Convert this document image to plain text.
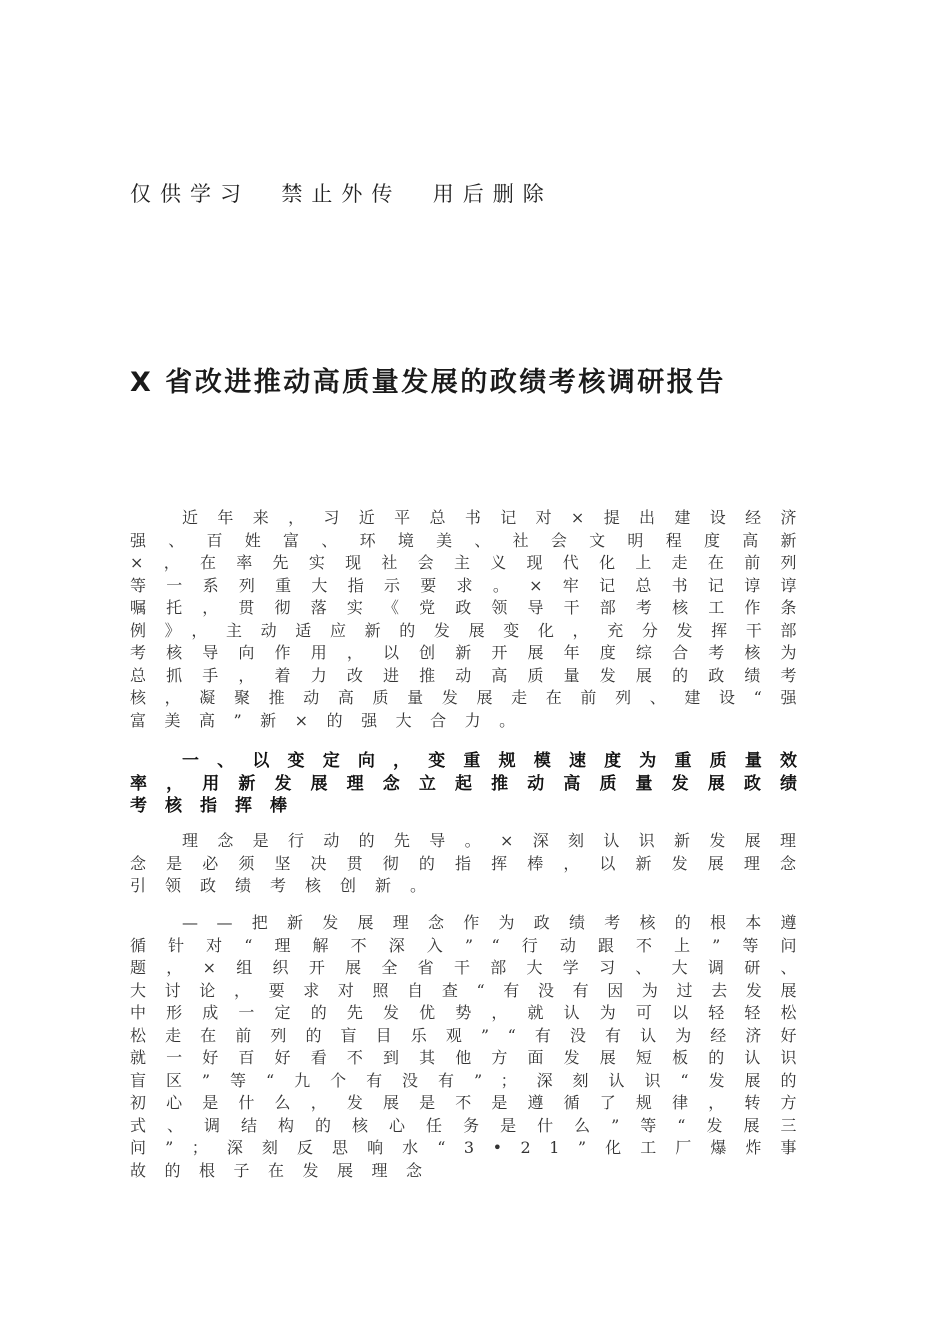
仅供学习  禁止外传  用后删除
X 省改进推动高质量发展的政绩考核调研报告
近年来，习近平总书记对×提出建设经济强、百姓富、环境美、社会文明程度高新×，在率先实现社会主义现代化上走在前列等一系列重大指示要求。×牢记总书记谆谆嘱托，贯彻落实《党政领导干部考核工作条例》，主动适应新的发展变化，充分发挥干部考核导向作用，以创新开展年度综合考核为总抓手，着力改进推动高质量发展的政绩考核，凝聚推动高质量发展走在前列、建设“强富美高”新×的强大合力。
一、以变定向，变重规模速度为重质量效率，用新发展理念立起推动高质量发展政绩考核指挥棒
理念是行动的先导。×深刻认识新发展理念是必须坚决贯彻的指挥棒，以新发展理念引领政绩考核创新。
——把新发展理念作为政绩考核的根本遵循针对“理解不深入”“行动跟不上”等问题，×组织开展全省干部大学习、大调研、大讨论，要求对照自查“有没有因为过去发展中形成一定的先发优势，就认为可以轻轻松松走在前列的盲目乐观”“有没有认为经济好就一好百好看不到其他方面发展短板的认识盲区”等“九个有没有”；深刻认识“发展的初心是什么，发展是不是遵循了规律，转方式、调结构的核心任务是什么”等“发展三问”；深刻反思响水“3•21”化工厂爆炸事故的根子在发展理念
